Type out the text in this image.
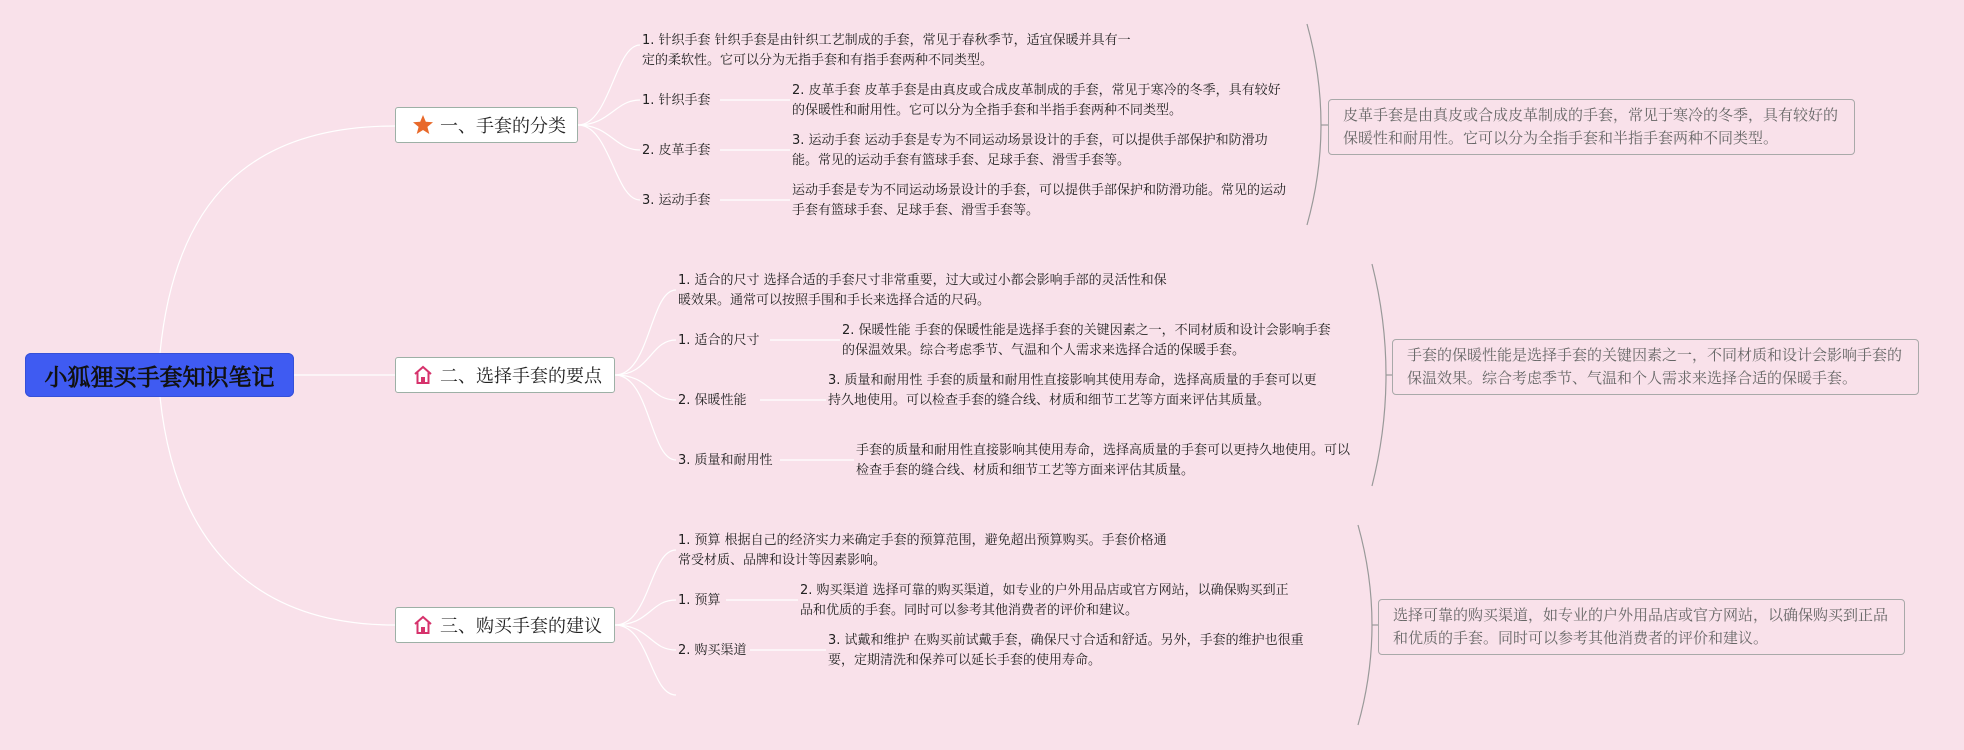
小狐狸买手套知识笔记
一、手套的分类
1. 针织手套 针织手套是由针织工艺制成的手套，常见于春秋季节，适宜保暖并具有一定的柔软性。它可以分为无指手套和有指手套两种不同类型。
1. 针织手套
2. 皮革手套 皮革手套是由真皮或合成皮革制成的手套，常见于寒冷的冬季，具有较好的保暖性和耐用性。它可以分为全指手套和半指手套两种不同类型。
2. 皮革手套
3. 运动手套 运动手套是专为不同运动场景设计的手套，可以提供手部保护和防滑功能。常见的运动手套有篮球手套、足球手套、滑雪手套等。
3. 运动手套
运动手套是专为不同运动场景设计的手套，可以提供手部保护和防滑功能。常见的运动手套有篮球手套、足球手套、滑雪手套等。
皮革手套是由真皮或合成皮革制成的手套，常见于寒冷的冬季，具有较好的保暖性和耐用性。它可以分为全指手套和半指手套两种不同类型。
二、选择手套的要点
1. 适合的尺寸 选择合适的手套尺寸非常重要，过大或过小都会影响手部的灵活性和保暖效果。通常可以按照手围和手长来选择合适的尺码。
1. 适合的尺寸
2. 保暖性能 手套的保暖性能是选择手套的关键因素之一，不同材质和设计会影响手套的保温效果。综合考虑季节、气温和个人需求来选择合适的保暖手套。
2. 保暖性能
3. 质量和耐用性 手套的质量和耐用性直接影响其使用寿命，选择高质量的手套可以更持久地使用。可以检查手套的缝合线、材质和细节工艺等方面来评估其质量。
3. 质量和耐用性
手套的质量和耐用性直接影响其使用寿命，选择高质量的手套可以更持久地使用。可以检查手套的缝合线、材质和细节工艺等方面来评估其质量。
手套的保暖性能是选择手套的关键因素之一，不同材质和设计会影响手套的保温效果。综合考虑季节、气温和个人需求来选择合适的保暖手套。
三、购买手套的建议
1. 预算 根据自己的经济实力来确定手套的预算范围，避免超出预算购买。手套价格通常受材质、品牌和设计等因素影响。
1. 预算
2. 购买渠道 选择可靠的购买渠道，如专业的户外用品店或官方网站，以确保购买到正品和优质的手套。同时可以参考其他消费者的评价和建议。
2. 购买渠道
3. 试戴和维护 在购买前试戴手套，确保尺寸合适和舒适。另外，手套的维护也很重要，定期清洗和保养可以延长手套的使用寿命。
选择可靠的购买渠道，如专业的户外用品店或官方网站，以确保购买到正品和优质的手套。同时可以参考其他消费者的评价和建议。
